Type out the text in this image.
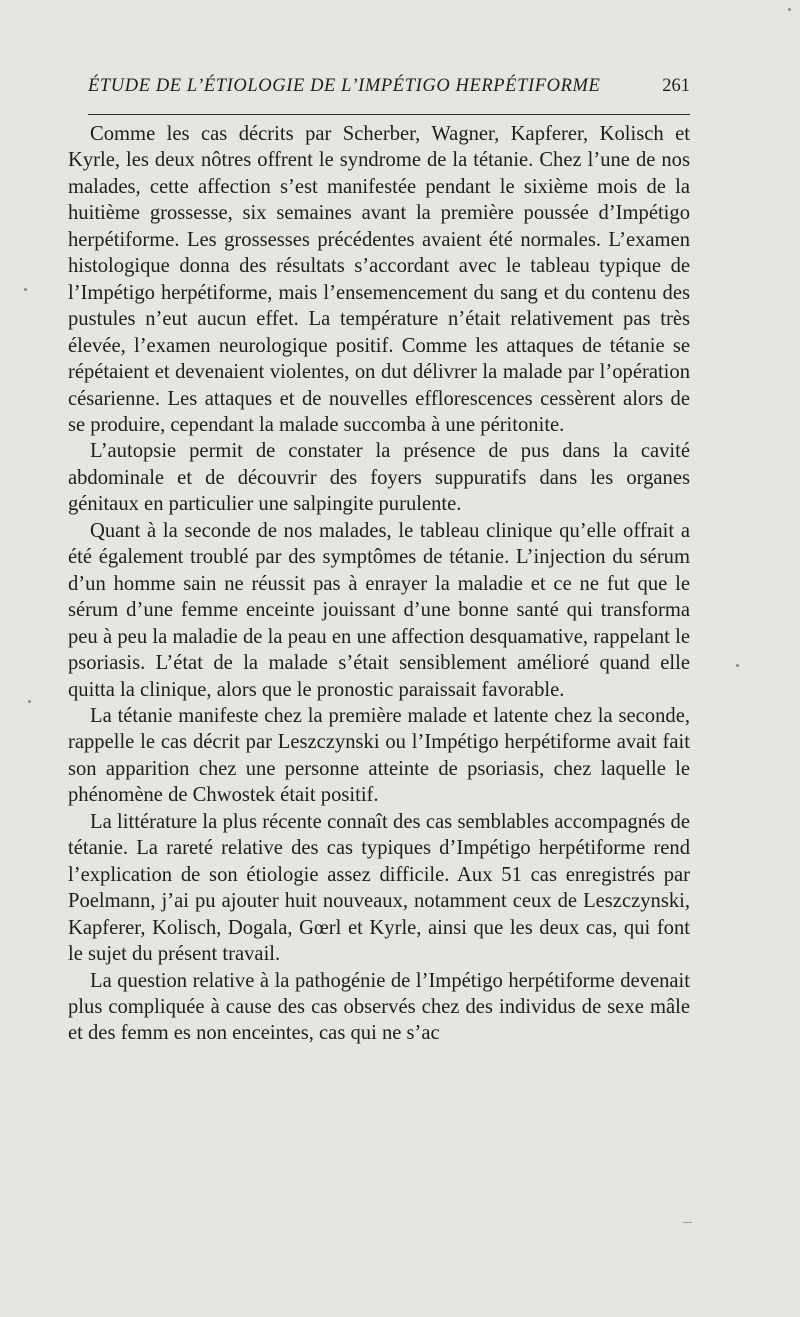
ÉTUDE DE L’ÉTIOLOGIE DE L’IMPÉTIGO HERPÉTIFORME	261

Comme les cas décrits par Scherber, Wagner, Kapferer, Kolisch et Kyrle, les deux nôtres offrent le syndrome de la tétanie. Chez l’une de nos malades, cette affection s’est manifestée pendant le sixième mois de la huitième grossesse, six semaines avant la première poussée d’Impétigo herpétiforme. Les grossesses précédentes avaient été normales. L’examen histologique donna des résultats s’accordant avec le tableau typique de l’Impétigo herpétiforme, mais l’ensemencement du sang et du contenu des pustules n’eut aucun effet. La température n’était relativement pas très élevée, l’examen neurologique positif. Comme les attaques de tétanie se répétaient et devenaient violentes, on dut délivrer la malade par l’opération césarienne. Les attaques et de nouvelles efflorescences cessèrent alors de se produire, cependant la malade succomba à une péritonite.

L’autopsie permit de constater la présence de pus dans la cavité abdominale et de découvrir des foyers suppuratifs dans les organes génitaux en particulier une salpingite purulente.

Quant à la seconde de nos malades, le tableau clinique qu’elle offrait a été également troublé par des symptômes de tétanie. L’injection du sérum d’un homme sain ne réussit pas à enrayer la maladie et ce ne fut que le sérum d’une femme enceinte jouissant d’une bonne santé qui transforma peu à peu la maladie de la peau en une affection desquamative, rappelant le psoriasis. L’état de la malade s’était sensiblement amélioré quand elle quitta la clinique, alors que le pronostic paraissait favorable.

La tétanie manifeste chez la première malade et latente chez la seconde, rappelle le cas décrit par Leszczynski ou l’Impétigo herpétiforme avait fait son apparition chez une personne atteinte de psoriasis, chez laquelle le phénomène de Chwostek était positif.

La littérature la plus récente connaît des cas semblables accompagnés de tétanie. La rareté relative des cas typiques d’Impétigo herpétiforme rend l’explication de son étiologie assez difficile. Aux 51 cas enregistrés par Poelmann, j’ai pu ajouter huit nouveaux, notamment ceux de Leszczynski, Kapferer, Kolisch, Dogala, Gœrl et Kyrle, ainsi que les deux cas, qui font le sujet du présent travail.

La question relative à la pathogénie de l’Impétigo herpétiforme devenait plus compliquée à cause des cas observés chez des individus de sexe mâle et des femm es non enceintes, cas qui ne s’ac
